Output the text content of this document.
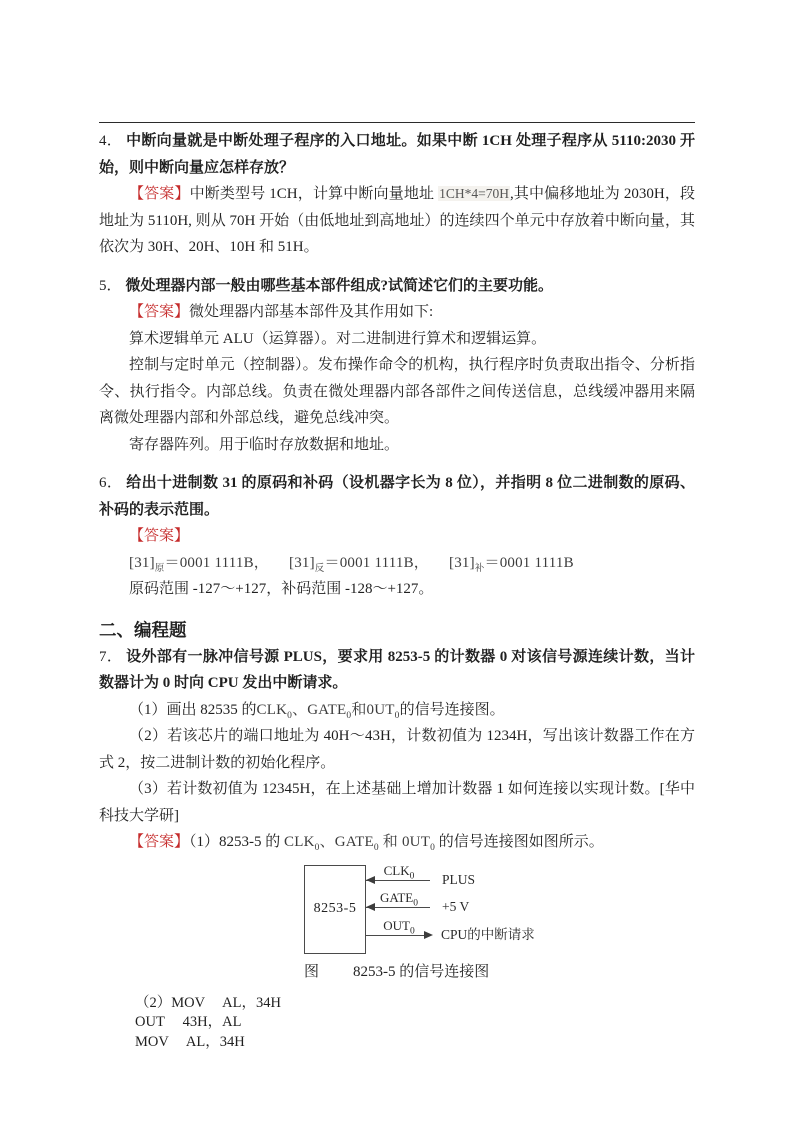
4． 中断向量就是中断处理子程序的入口地址。如果中断 1CH 处理子程序从 5110:2030 开始，则中断向量应怎样存放？

【答案】中断类型号 1CH，计算中断向量地址 1CH*4=70H,其中偏移地址为 2030H，段地址为 5110H, 则从 70H 开始（由低地址到高地址）的连续四个单元中存放着中断向量，其依次为 30H、20H、10H 和 51H。

5． 微处理器内部一般由哪些基本部件组成?试简述它们的主要功能。

【答案】微处理器内部基本部件及其作用如下:

算术逻辑单元 ALU（运算器）。对二进制进行算术和逻辑运算。

控制与定时单元（控制器）。发布操作命令的机构，执行程序时负责取出指令、分析指令、执行指令。内部总线。负责在微处理器内部各部件之间传送信息，总线缓冲器用来隔离微处理器内部和外部总线，避免总线冲突。

寄存器阵列。用于临时存放数据和地址。

6． 给出十进制数 31 的原码和补码（设机器字长为 8 位），并指明 8 位二进制数的原码、补码的表示范围。

【答案】

$[31]_原=0001$ 1111B， $[31]_反=0001$ 1111B， $[31]_补=0001$ 1111B

原码范围 -127～+127，补码范围 -128～+127。

二、编程题

7． 设外部有一脉冲信号源 PLUS，要求用 8253-5 的计数器 0 对该信号源连续计数，当计数器计为 0 时向 CPU 发出中断请求。

（1）画出 82535 的$CLK_0$、$GATE_0$和$0UT_0$的信号连接图。

（2）若该芯片的端口地址为 40H～43H，计数初值为 1234H，写出该计数器工作在方式 2，按二进制计数的初始化程序。

（3）若计数初值为 12345H，在上述基础上增加计数器 1 如何连接以实现计数。[华中科技大学研]

【答案】（1）8253-5 的 $CLK_0$、$GATE_0$ 和 $0UT_0$ 的信号连接图如图所示。

8253-5
$CLK_0$	PLUS
$GATE_0$	+5 V
$OUT_0$	CPU的中断请求
图 8253-5 的信号连接图

（2）MOV　 AL，34H

OUT　 43H，AL

MOV　 AL，34H
